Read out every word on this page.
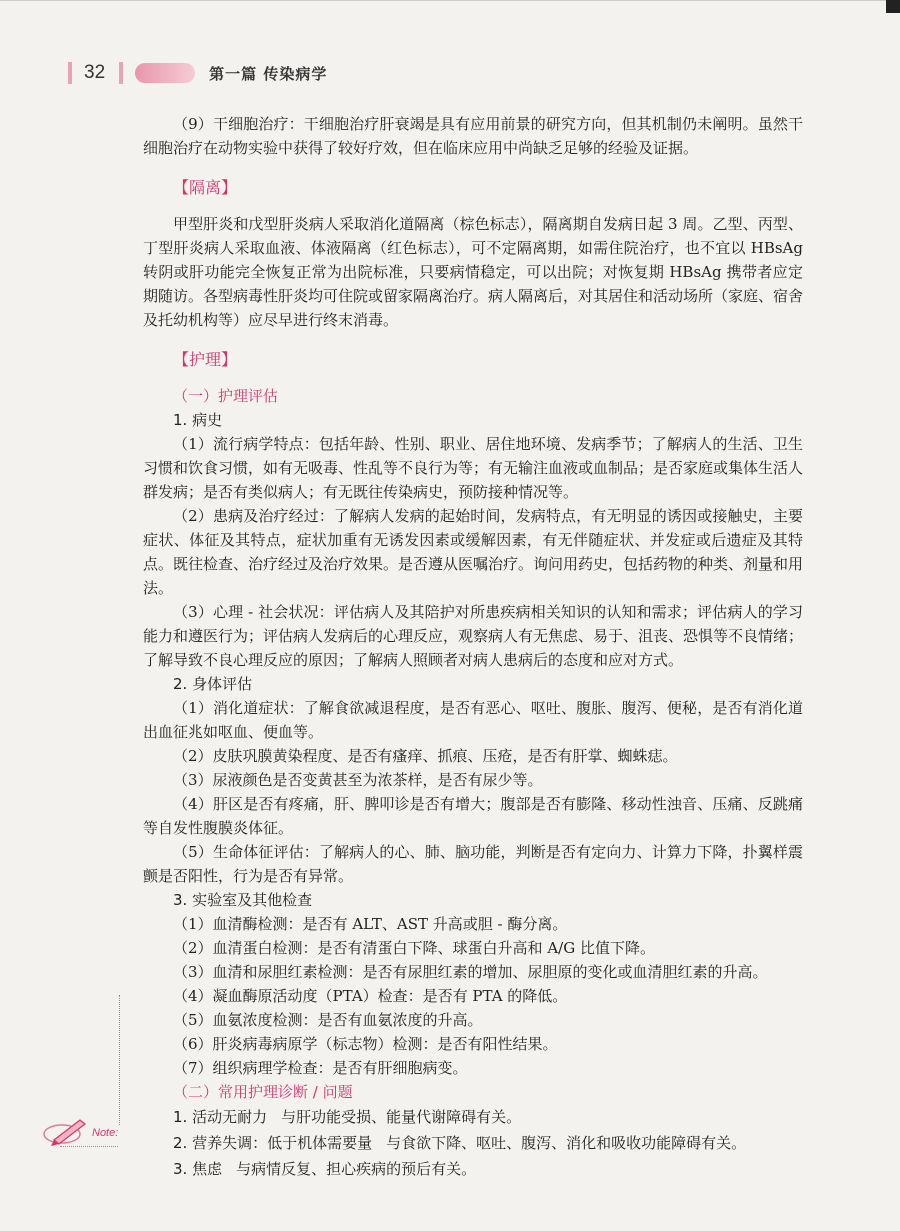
32	第一篇 传染病学

（9）干细胞治疗：干细胞治疗肝衰竭是具有应用前景的研究方向，但其机制仍未阐明。虽然干细胞治疗在动物实验中获得了较好疗效，但在临床应用中尚缺乏足够的经验及证据。

【隔离】

甲型肝炎和戊型肝炎病人采取消化道隔离（棕色标志），隔离期自发病日起 3 周。乙型、丙型、丁型肝炎病人采取血液、体液隔离（红色标志），可不定隔离期，如需住院治疗，也不宜以 HBsAg 转阴或肝功能完全恢复正常为出院标准，只要病情稳定，可以出院；对恢复期 HBsAg 携带者应定期随访。各型病毒性肝炎均可住院或留家隔离治疗。病人隔离后，对其居住和活动场所（家庭、宿舍及托幼机构等）应尽早进行终末消毒。

【护理】
（一）护理评估
1. 病史

（1）流行病学特点：包括年龄、性别、职业、居住地环境、发病季节；了解病人的生活、卫生习惯和饮食习惯，如有无吸毒、性乱等不良行为等；有无输注血液或血制品；是否家庭或集体生活人群发病；是否有类似病人；有无既往传染病史，预防接种情况等。

（2）患病及治疗经过：了解病人发病的起始时间，发病特点，有无明显的诱因或接触史，主要症状、体征及其特点，症状加重有无诱发因素或缓解因素，有无伴随症状、并发症或后遗症及其特点。既往检查、治疗经过及治疗效果。是否遵从医嘱治疗。询问用药史，包括药物的种类、剂量和用法。

（3）心理 - 社会状况：评估病人及其陪护对所患疾病相关知识的认知和需求；评估病人的学习能力和遵医行为；评估病人发病后的心理反应，观察病人有无焦虑、易于、沮丧、恐惧等不良情绪；了解导致不良心理反应的原因；了解病人照顾者对病人患病后的态度和应对方式。

2. 身体评估

（1）消化道症状：了解食欲减退程度，是否有恶心、呕吐、腹胀、腹泻、便秘，是否有消化道出血征兆如呕血、便血等。

（2）皮肤巩膜黄染程度、是否有瘙痒、抓痕、压疮，是否有肝掌、蜘蛛痣。

（3）尿液颜色是否变黄甚至为浓茶样，是否有尿少等。

（4）肝区是否有疼痛，肝、脾叩诊是否有增大；腹部是否有膨隆、移动性浊音、压痛、反跳痛等自发性腹膜炎体征。

（5）生命体征评估：了解病人的心、肺、脑功能，判断是否有定向力、计算力下降，扑翼样震颤是否阳性，行为是否有异常。

3. 实验室及其他检查

（1）血清酶检测：是否有 ALT、AST 升高或胆 - 酶分离。

（2）血清蛋白检测：是否有清蛋白下降、球蛋白升高和 A/G 比值下降。

（3）血清和尿胆红素检测：是否有尿胆红素的增加、尿胆原的变化或血清胆红素的升高。

（4）凝血酶原活动度（PTA）检查：是否有 PTA 的降低。

（5）血氨浓度检测：是否有血氨浓度的升高。

（6）肝炎病毒病原学（标志物）检测：是否有阳性结果。

（7）组织病理学检查：是否有肝细胞病变。

（二）常用护理诊断 / 问题
1. 活动无耐力 与肝功能受损、能量代谢障碍有关。
2. 营养失调：低于机体需要量 与食欲下降、呕吐、腹泻、消化和吸收功能障碍有关。
3. 焦虑 与病情反复、担心疾病的预后有关。
Note:
